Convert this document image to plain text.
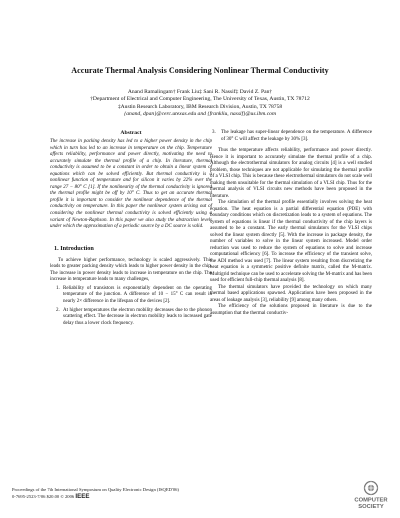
Accurate Thermal Analysis Considering Nonlinear Thermal Conductivity
Anand Ramalingam† Frank Liu‡ Sani R. Nassif‡ David Z. Pan†
†Department of Electrical and Computer Engineering, The University of Texas, Austin, TX 78712
‡Austin Research Laboratory, IBM Research Division, Austin, TX 78758
{anand, dpan}@cerc.utexas.edu and {frankliu, nassif}@us.ibm.com
Abstract

The increase in packing density has led to a higher power density in the chip which in turn has led to an increase in temperature on the chip. Temperature affects reliability, performance and power directly, motivating the need to accurately simulate the thermal profile of a chip. In literature, thermal conductivity is assumed to be a constant in order to obtain a linear system of equations which can be solved efficiently. But thermal conductivity is a nonlinear function of temperature and for silicon it varies by 22% over the range 27 − 80° C [1]. If the nonlinearity of the thermal conductivity is ignored the thermal profile might be off by 10° C. Thus to get an accurate thermal profile it is important to consider the nonlinear dependence of the thermal conductivity on temperature. In this paper the nonlinear system arising out of considering the nonlinear thermal conductivity is solved efficiently using a variant of Newton-Raphson. In this paper we also study the abstraction levels under which the approximation of a periodic source by a DC source is valid.

1. Introduction

To achieve higher performance, technology is scaled aggressively. This leads to greater packing density which leads to higher power density in the chip. The increase in power density leads to increase in temperature on the chip. The increase in temperature leads to many challenges,

1. Reliability of transistors is exponentially dependent on the operating temperature of the junction. A difference of 10 − 15° C can result in nearly 2× difference in the lifespan of the devices [2].
2. At higher temperatures the electron mobility decreases due to the phonon scattering effect. The decrease in electron mobility leads to increased gate delay thus a lower clock frequency.
3. The leakage has super-linear dependence on the temperature. A difference of 30° C will affect the leakage by 30% [3].

Thus the temperature affects reliability, performance and power directly. Hence it is important to accurately simulate the thermal profile of a chip. Although the electrothermal simulators for analog circuits [4] is a well studied problem, those techniques are not applicable for simulating the thermal profile of a VLSI chip. This is because these electrothermal simulators do not scale well making them unsuitable for the thermal simulation of a VLSI chip. Thus for the thermal analysis of VLSI circuits new methods have been proposed in the literature.

The simulation of the thermal profile essentially involves solving the heat equation. The heat equation is a partial differential equation (PDE) with boundary conditions which on discretization leads to a system of equations. The system of equations is linear if the thermal conductivity of the chip layers is assumed to be a constant. The early thermal simulators for the VLSI chips solved the linear system directly [5]. With the increase in package density, the number of variables to solve in the linear system increased. Model order reduction was used to reduce the system of equations to solve and increase computational efficiency [6]. To increase the efficiency of the transient solve, the ADI method was used [7]. The linear system resulting from discretizing the heat equation is a symmetric positive definite matrix, called the M-matrix. Multigrid technique can be used to accelerate solving the M-matrix and has been used for efficient full-chip thermal analysis [8].

The thermal simulators have provided the technology on which many thermal based applications spawned. Applications have been proposed in the areas of leakage analysis [3], reliability [9] among many others.

The efficiency of the solutions proposed in literature is due to the assumption that the thermal conductiv-

Proceedings of the 7th International Symposium on Quality Electronic Design (ISQED'06)
0-7695-2523-7/06 $20.00 © 2006 IEEE
COMPUTER
SOCIETY
